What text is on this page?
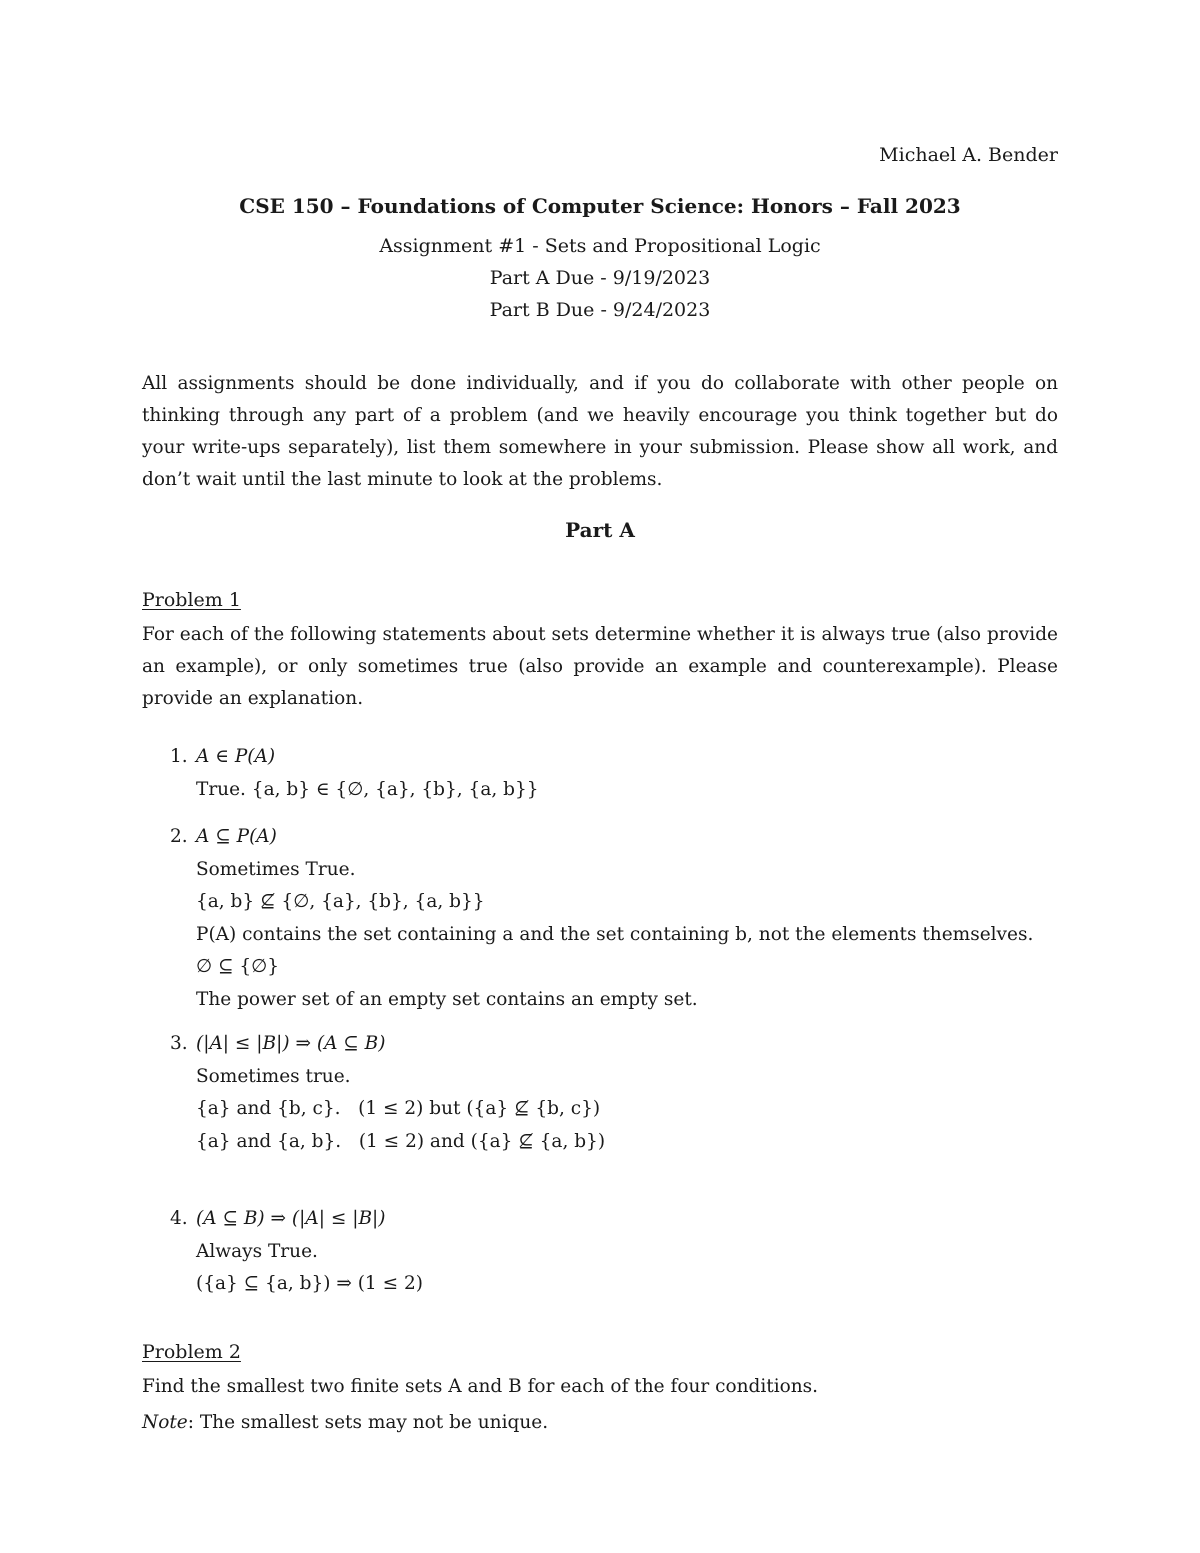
Michael A. Bender
CSE 150 – Foundations of Computer Science: Honors – Fall 2023
Assignment #1 - Sets and Propositional Logic
Part A Due - 9/19/2023
Part B Due - 9/24/2023
All assignments should be done individually, and if you do collaborate with other people on thinking through any part of a problem (and we heavily encourage you think together but do your write-ups separately), list them somewhere in your submission. Please show all work, and don’t wait until the last minute to look at the problems.
Part A
Problem 1
For each of the following statements about sets determine whether it is always true (also provide an example), or only sometimes true (also provide an example and counterexample). Please provide an explanation.
1. A ∈ P(A)
True. {a, b} ∈ {∅, {a}, {b}, {a, b}}
2. A ⊆ P(A)
Sometimes True.
{a, b} ⊈ {∅, {a}, {b}, {a, b}}
P(A) contains the set containing a and the set containing b, not the elements themselves.
∅ ⊆ {∅}
The power set of an empty set contains an empty set.
3. (|A| ≤ |B|) ⇒ (A ⊆ B)
Sometimes true.
{a} and {b, c}.   (1 ≤ 2) but ({a} ⊈ {b, c})
{a} and {a, b}.   (1 ≤ 2) and ({a} ⊈ {a, b})
4. (A ⊆ B) ⇒ (|A| ≤ |B|)
Always True.
({a} ⊆ {a, b}) ⇒ (1 ≤ 2)
Problem 2
Find the smallest two finite sets A and B for each of the four conditions.
Note: The smallest sets may not be unique.
